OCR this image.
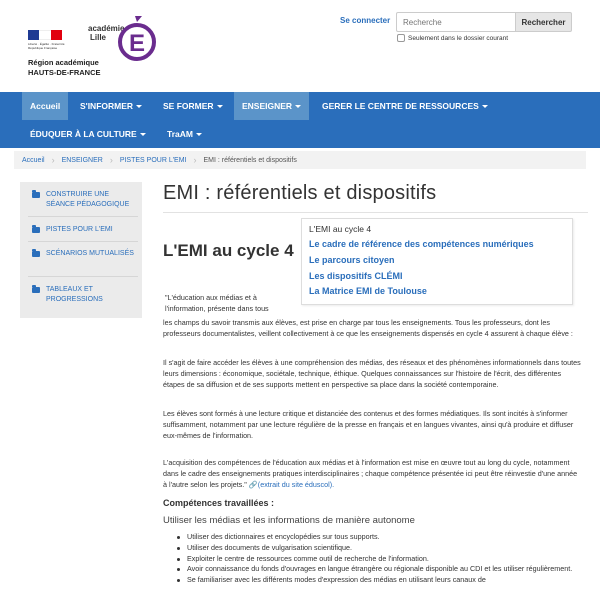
Liberté · Égalité · Fraternité
République Française
Région académique
HAUTS-DE-FRANCE
académie
Lille E
Se connecter
Recherche	Rechercher
Seulement dans le dossier courant
Accueil	S'INFORMER	SE FORMER	ENSEIGNER	GERER LE CENTRE DE RESSOURCES
ÉDUQUER À LA CULTURE	TraAM
Accueil › ENSEIGNER › PISTES POUR L'EMI › EMI : référentiels et dispositifs
CONSTRUIRE UNE SÉANCE PÉDAGOGIQUE
PISTES POUR L'EMI
SCÉNARIOS MUTUALISÉS
TABLEAUX ET PROGRESSIONS
EMI : référentiels et dispositifs
L'EMI au cycle 4
Le cadre de référence des compétences numériques
Le parcours citoyen
Les dispositifs CLÉMI
La Matrice EMI de Toulouse
L'EMI au cycle 4
"L'éducation aux médias et à l'information, présente dans tous

les champs du savoir transmis aux élèves, est prise en charge par tous les enseignements. Tous les professeurs, dont les professeurs documentalistes, veillent collectivement à ce que les enseignements dispensés en cycle 4 assurent à chaque élève :

Il s'agit de faire accéder les élèves à une compréhension des médias, des réseaux et des phénomènes informationnels dans toutes leurs dimensions : économique, sociétale, technique, éthique. Quelques connaissances sur l'histoire de l'écrit, des différentes étapes de sa diffusion et de ses supports mettent en perspective sa place dans la société contemporaine.

Les élèves sont formés à une lecture critique et distanciée des contenus et des formes médiatiques. Ils sont incités à s'informer suffisamment, notamment par une lecture régulière de la presse en français et en langues vivantes, ainsi qu'à produire et diffuser eux-mêmes de l'information.

L'acquisition des compétences de l'éducation aux médias et à l'information est mise en œuvre tout au long du cycle, notamment dans le cadre des enseignements pratiques interdisciplinaires ; chaque compétence présentée ici peut être réinvestie d'une année à l'autre selon les projets." 🔗(extrait du site éduscol).

Compétences travaillées :
Utiliser les médias et les informations de manière autonome
Utiliser des dictionnaires et encyclopédies sur tous supports.
Utiliser des documents de vulgarisation scientifique.
Exploiter le centre de ressources comme outil de recherche de l'information.
Avoir connaissance du fonds d'ouvrages en langue étrangère ou régionale disponible au CDI et les utiliser régulièrement.
Se familiariser avec les différents modes d'expression des médias en utilisant leurs canaux de
